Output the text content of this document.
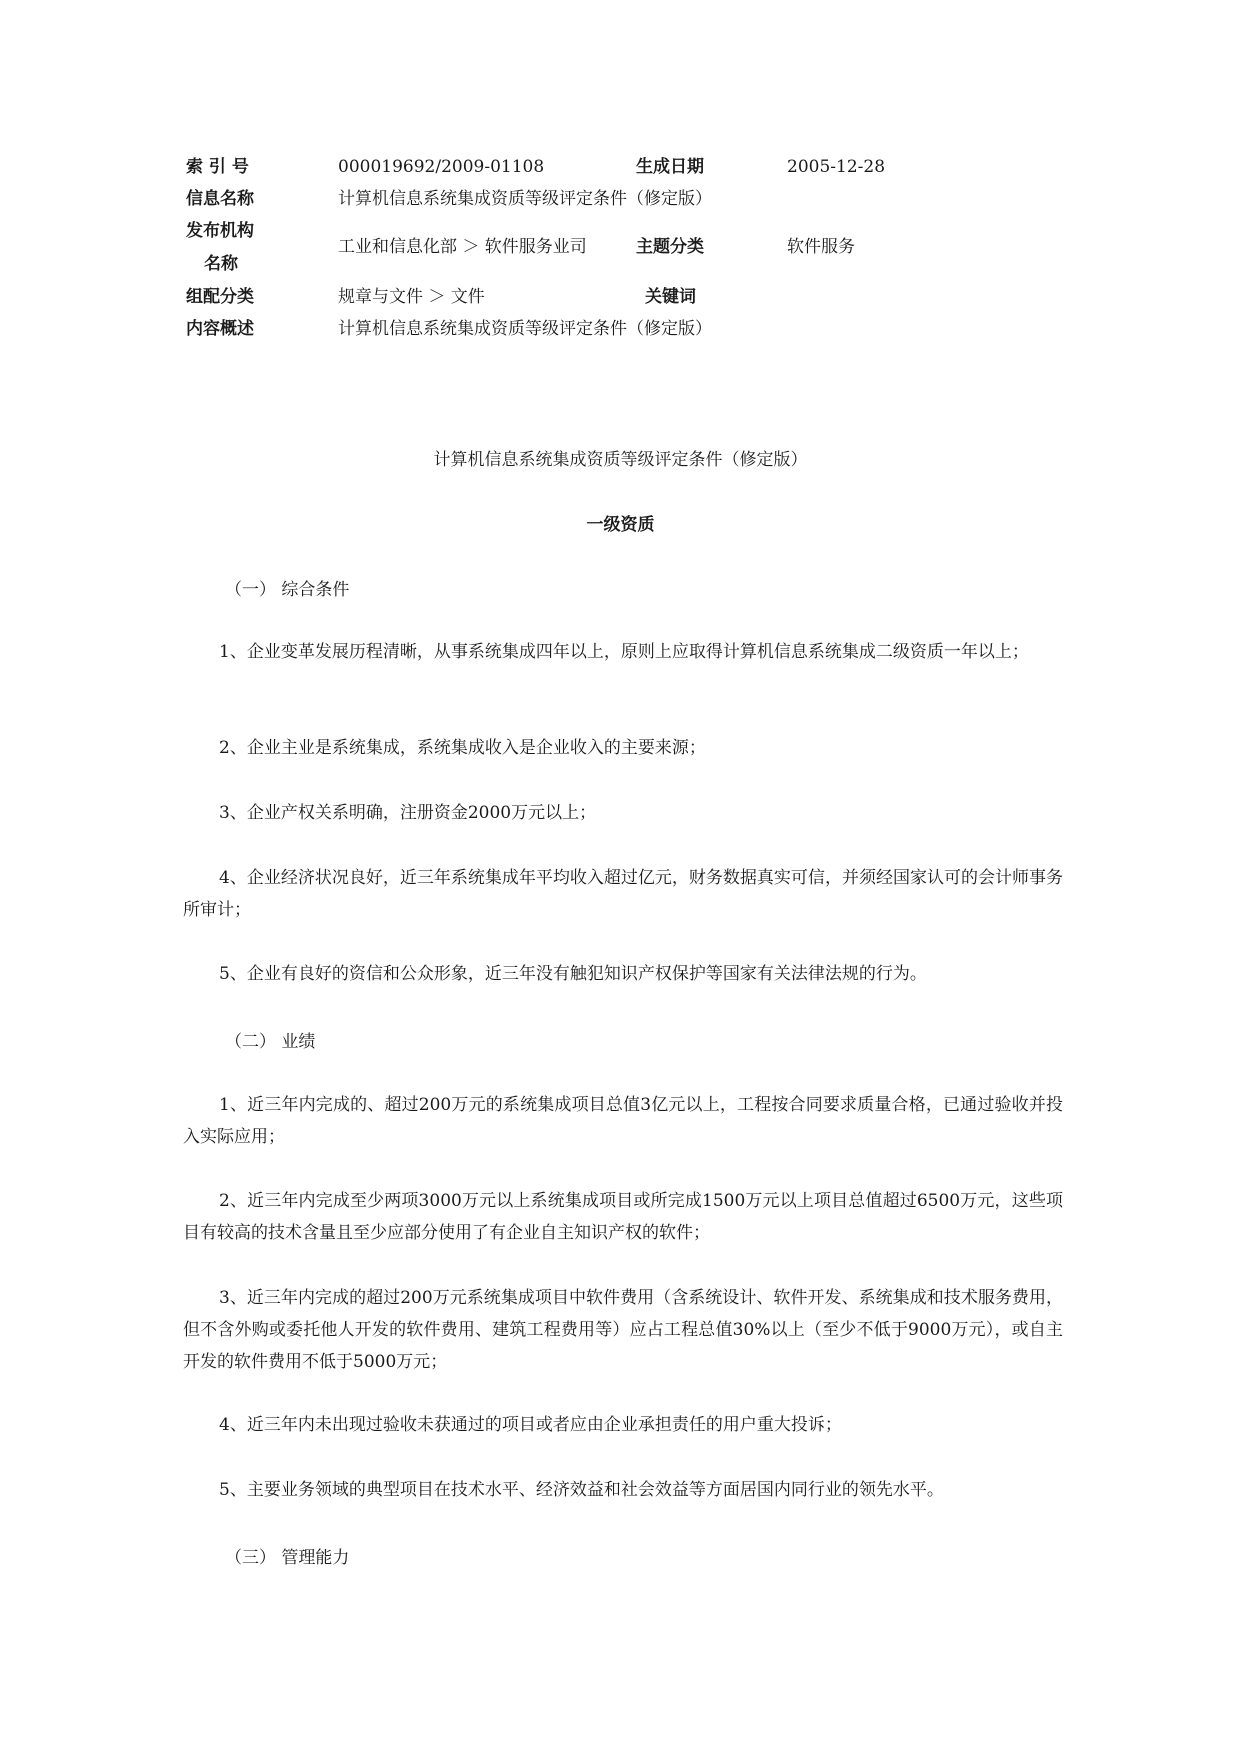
索 引 号	000019692/2009-01108	生成日期	2005-12-28
信息名称	计算机信息系统集成资质等级评定条件（修定版）
发布机构
名称
工业和信息化部 ＞ 软件服务业司	主题分类	软件服务
组配分类	规章与文件 ＞ 文件	关键词
内容概述	计算机信息系统集成资质等级评定条件（修定版）
计算机信息系统集成资质等级评定条件（修定版）
一级资质
（一） 综合条件
1、企业变革发展历程清晰，从事系统集成四年以上，原则上应取得计算机信息系统集成二级资质一年以上；
2、企业主业是系统集成，系统集成收入是企业收入的主要来源；
3、企业产权关系明确，注册资金2000万元以上；
4、企业经济状况良好，近三年系统集成年平均收入超过亿元，财务数据真实可信，并须经国家认可的会计师事务所审计；
5、企业有良好的资信和公众形象，近三年没有触犯知识产权保护等国家有关法律法规的行为。
（二） 业绩
1、近三年内完成的、超过200万元的系统集成项目总值3亿元以上，工程按合同要求质量合格，已通过验收并投入实际应用；
2、近三年内完成至少两项3000万元以上系统集成项目或所完成1500万元以上项目总值超过6500万元，这些项目有较高的技术含量且至少应部分使用了有企业自主知识产权的软件；
3、近三年内完成的超过200万元系统集成项目中软件费用（含系统设计、软件开发、系统集成和技术服务费用，但不含外购或委托他人开发的软件费用、建筑工程费用等）应占工程总值30%以上（至少不低于9000万元），或自主开发的软件费用不低于5000万元；
4、近三年内未出现过验收未获通过的项目或者应由企业承担责任的用户重大投诉；
5、主要业务领域的典型项目在技术水平、经济效益和社会效益等方面居国内同行业的领先水平。
（三） 管理能力
